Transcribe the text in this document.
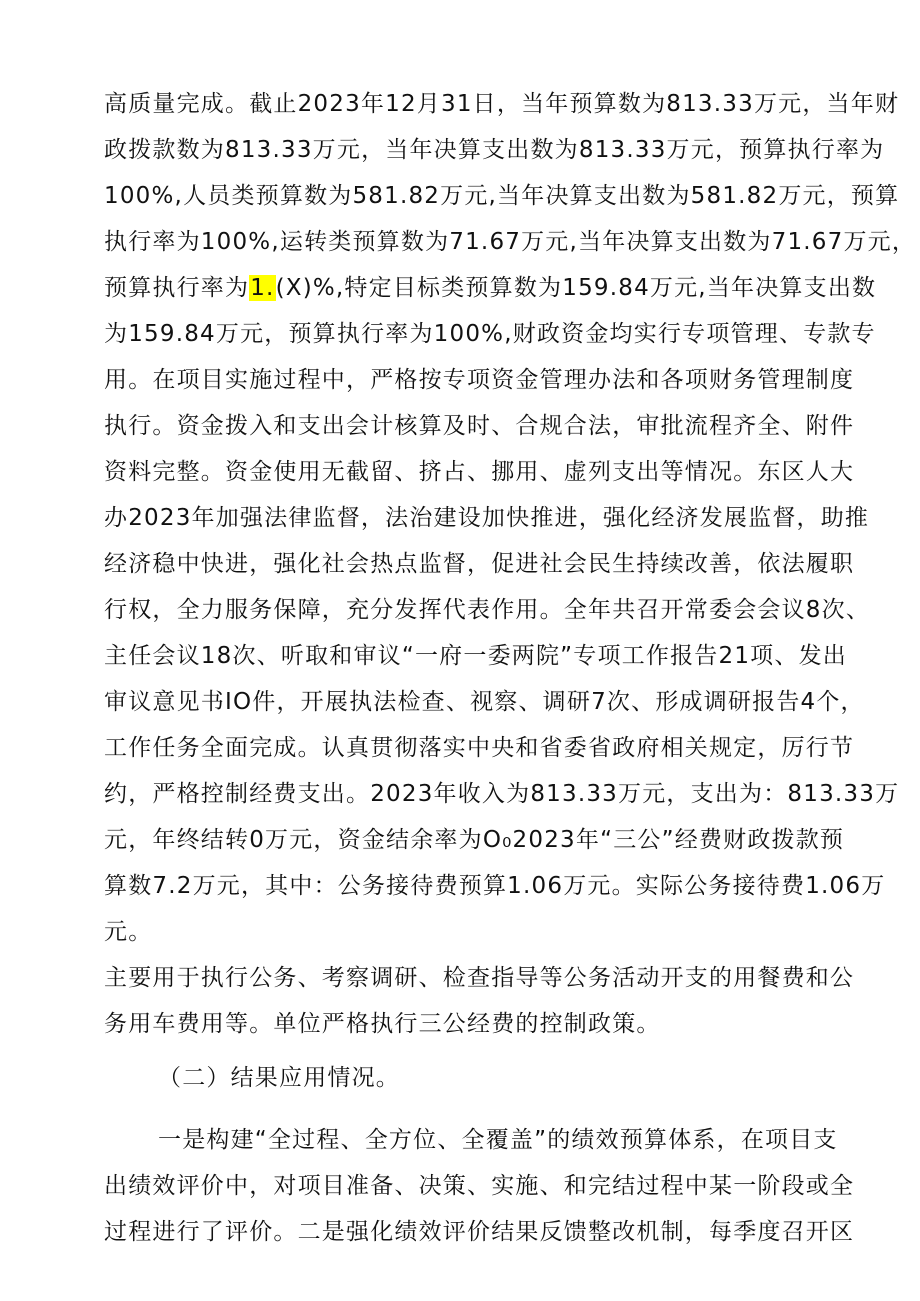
高质量完成。截止2023年12月31日，当年预算数为813.33万元，当年财
政拨款数为813.33万元，当年决算支出数为813.33万元，预算执行率为
100%,人员类预算数为581.82万元,当年决算支出数为581.82万元，预算
执行率为100%,运转类预算数为71.67万元,当年决算支出数为71.67万元，
预算执行率为1.(X)%,特定目标类预算数为159.84万元,当年决算支出数
为159.84万元，预算执行率为100%,财政资金均实行专项管理、专款专
用。在项目实施过程中，严格按专项资金管理办法和各项财务管理制度
执行。资金拨入和支出会计核算及时、合规合法，审批流程齐全、附件
资料完整。资金使用无截留、挤占、挪用、虚列支出等情况。东区人大
办2023年加强法律监督，法治建设加快推进，强化经济发展监督，助推
经济稳中快进，强化社会热点监督，促进社会民生持续改善，依法履职
行权，全力服务保障，充分发挥代表作用。全年共召开常委会会议8次、
主任会议18次、听取和审议“一府一委两院”专项工作报告21项、发出
审议意见书IO件，开展执法检查、视察、调研7次、形成调研报告4个，
工作任务全面完成。认真贯彻落实中央和省委省政府相关规定，厉行节
约，严格控制经费支出。2023年收入为813.33万元，支出为：813.33万
元，年终结转0万元，资金结余率为O₀2023年“三公”经费财政拨款预
算数7.2万元，其中：公务接待费预算1.06万元。实际公务接待费1.06万
元。
主要用于执行公务、考察调研、检查指导等公务活动开支的用餐费和公
务用车费用等。单位严格执行三公经费的控制政策。
（二）结果应用情况。
一是构建“全过程、全方位、全覆盖”的绩效预算体系，在项目支
出绩效评价中，对项目准备、决策、实施、和完结过程中某一阶段或全
过程进行了评价。二是强化绩效评价结果反馈整改机制，每季度召开区
